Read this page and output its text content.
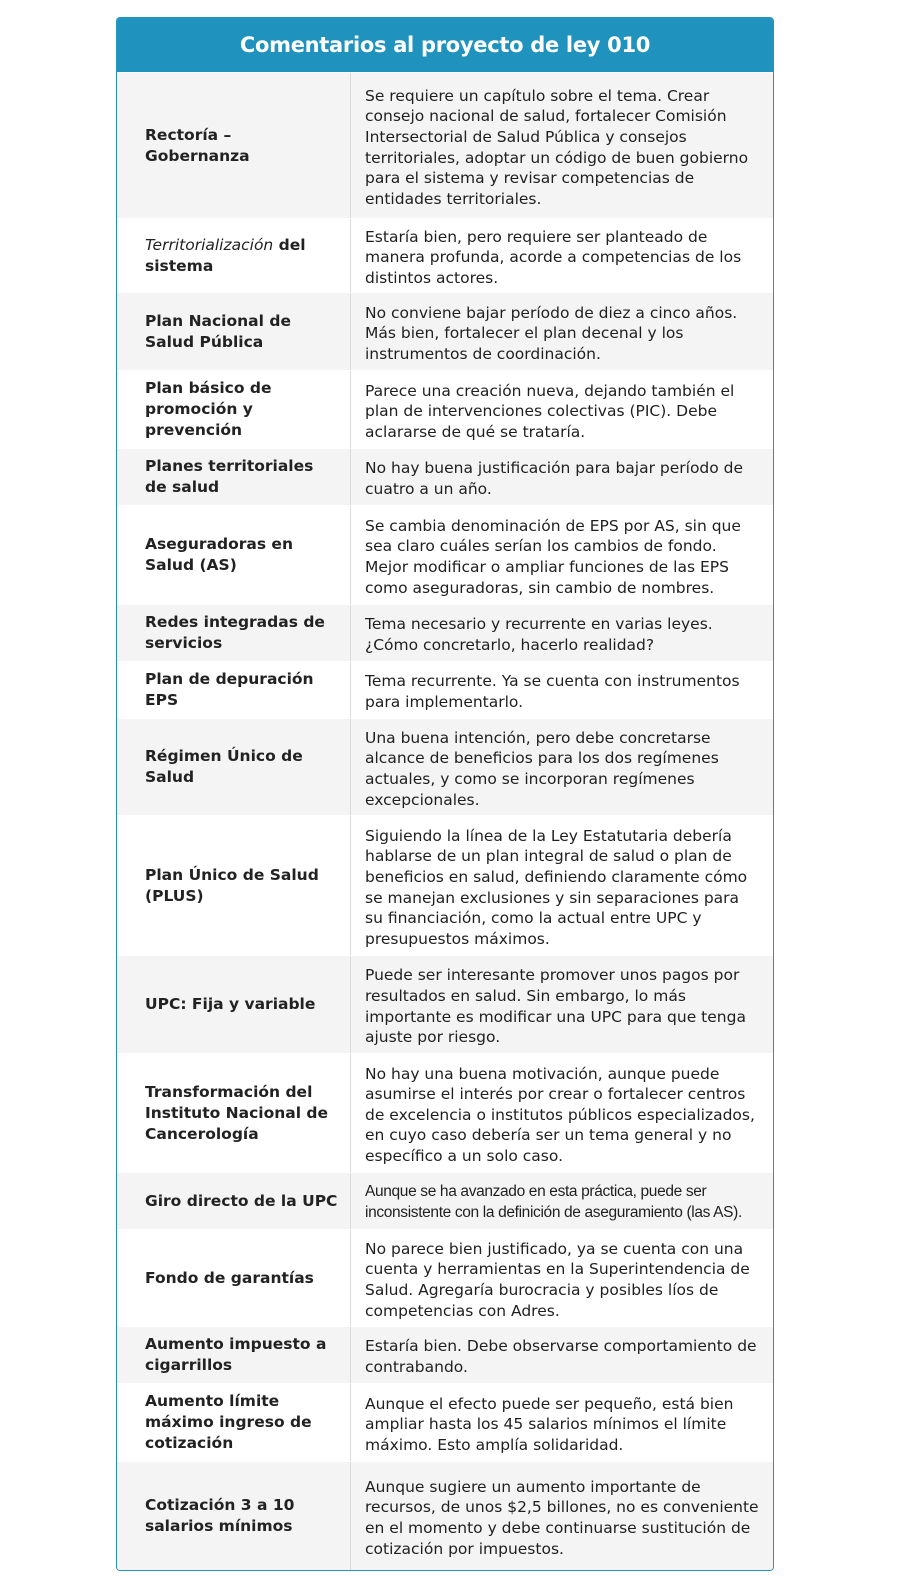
Comentarios al proyecto de ley 010
Rectoría – Gobernanza
Se requiere un capítulo sobre el tema. Crear consejo nacional de salud, fortalecer Comisión Intersectorial de Salud Pública y consejos territoriales, adoptar un código de buen gobierno para el sistema y revisar competencias de entidades territoriales.
Territorialización del sistema
Estaría bien, pero requiere ser planteado de manera profunda, acorde a competencias de los distintos actores.
Plan Nacional de Salud Pública
No conviene bajar período de diez a cinco años. Más bien, fortalecer el plan decenal y los instrumentos de coordinación.
Plan básico de promoción y prevención
Parece una creación nueva, dejando también el plan de intervenciones colectivas (PIC). Debe aclararse de qué se trataría.
Planes territoriales de salud
No hay buena justificación para bajar período de cuatro a un año.
Aseguradoras en Salud (AS)
Se cambia denominación de EPS por AS, sin que sea claro cuáles serían los cambios de fondo. Mejor modificar o ampliar funciones de las EPS como aseguradoras, sin cambio de nombres.
Redes integradas de servicios
Tema necesario y recurrente en varias leyes. ¿Cómo concretarlo, hacerlo realidad?
Plan de depuración EPS
Tema recurrente. Ya se cuenta con instrumentos para implementarlo.
Régimen Único de Salud
Una buena intención, pero debe concretarse alcance de beneficios para los dos regímenes actuales, y como se incorporan regímenes excepcionales.
Plan Único de Salud (PLUS)
Siguiendo la línea de la Ley Estatutaria debería hablarse de un plan integral de salud o plan de beneficios en salud, definiendo claramente cómo se manejan exclusiones y sin separaciones para su financiación, como la actual entre UPC y presupuestos máximos.
UPC: Fija y variable
Puede ser interesante promover unos pagos por resultados en salud. Sin embargo, lo más importante es modificar una UPC para que tenga ajuste por riesgo.
Transformación del Instituto Nacional de Cancerología
No hay una buena motivación, aunque puede asumirse el interés por crear o fortalecer centros de excelencia o institutos públicos especializados, en cuyo caso debería ser un tema general y no específico a un solo caso.
Giro directo de la UPC	Aunque se ha avanzado en esta práctica, puede ser inconsistente con la definición de aseguramiento (las AS).
Fondo de garantías
No parece bien justificado, ya se cuenta con una cuenta y herramientas en la Superintendencia de Salud. Agregaría burocracia y posibles líos de competencias con Adres.
Aumento impuesto a cigarrillos
Estaría bien. Debe observarse comportamiento de contrabando.
Aumento límite máximo ingreso de cotización
Aunque el efecto puede ser pequeño, está bien ampliar hasta los 45 salarios mínimos el límite máximo. Esto amplía solidaridad.
Cotización 3 a 10 salarios mínimos
Aunque sugiere un aumento importante de recursos, de unos $2,5 billones, no es conveniente en el momento y debe continuarse sustitución de cotización por impuestos.
